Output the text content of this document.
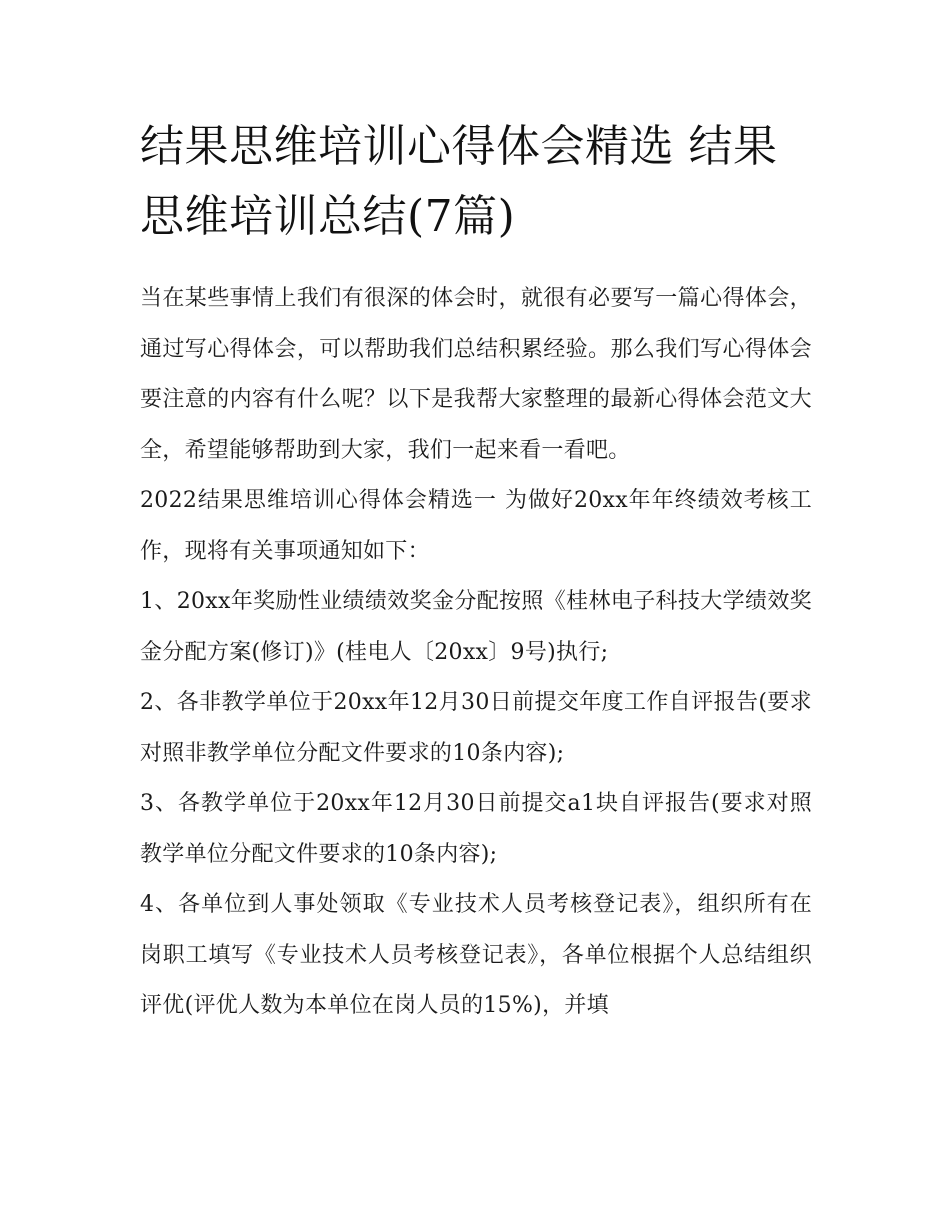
结果思维培训心得体会精选 结果思维培训总结(7篇)

当在某些事情上我们有很深的体会时，就很有必要写一篇心得体会，通过写心得体会，可以帮助我们总结积累经验。那么我们写心得体会要注意的内容有什么呢？以下是我帮大家整理的最新心得体会范文大全，希望能够帮助到大家，我们一起来看一看吧。

2022结果思维培训心得体会精选一 为做好20xx年年终绩效考核工作，现将有关事项通知如下：

1、20xx年奖励性业绩绩效奖金分配按照《桂林电子科技大学绩效奖金分配方案(修订)》(桂电人〔20xx〕9号)执行;

2、各非教学单位于20xx年12月30日前提交年度工作自评报告(要求对照非教学单位分配文件要求的10条内容);

3、各教学单位于20xx年12月30日前提交a1块自评报告(要求对照教学单位分配文件要求的10条内容);

4、各单位到人事处领取《专业技术人员考核登记表》，组织所有在岗职工填写《专业技术人员考核登记表》，各单位根据个人总结组织评优(评优人数为本单位在岗人员的15%)，并填
